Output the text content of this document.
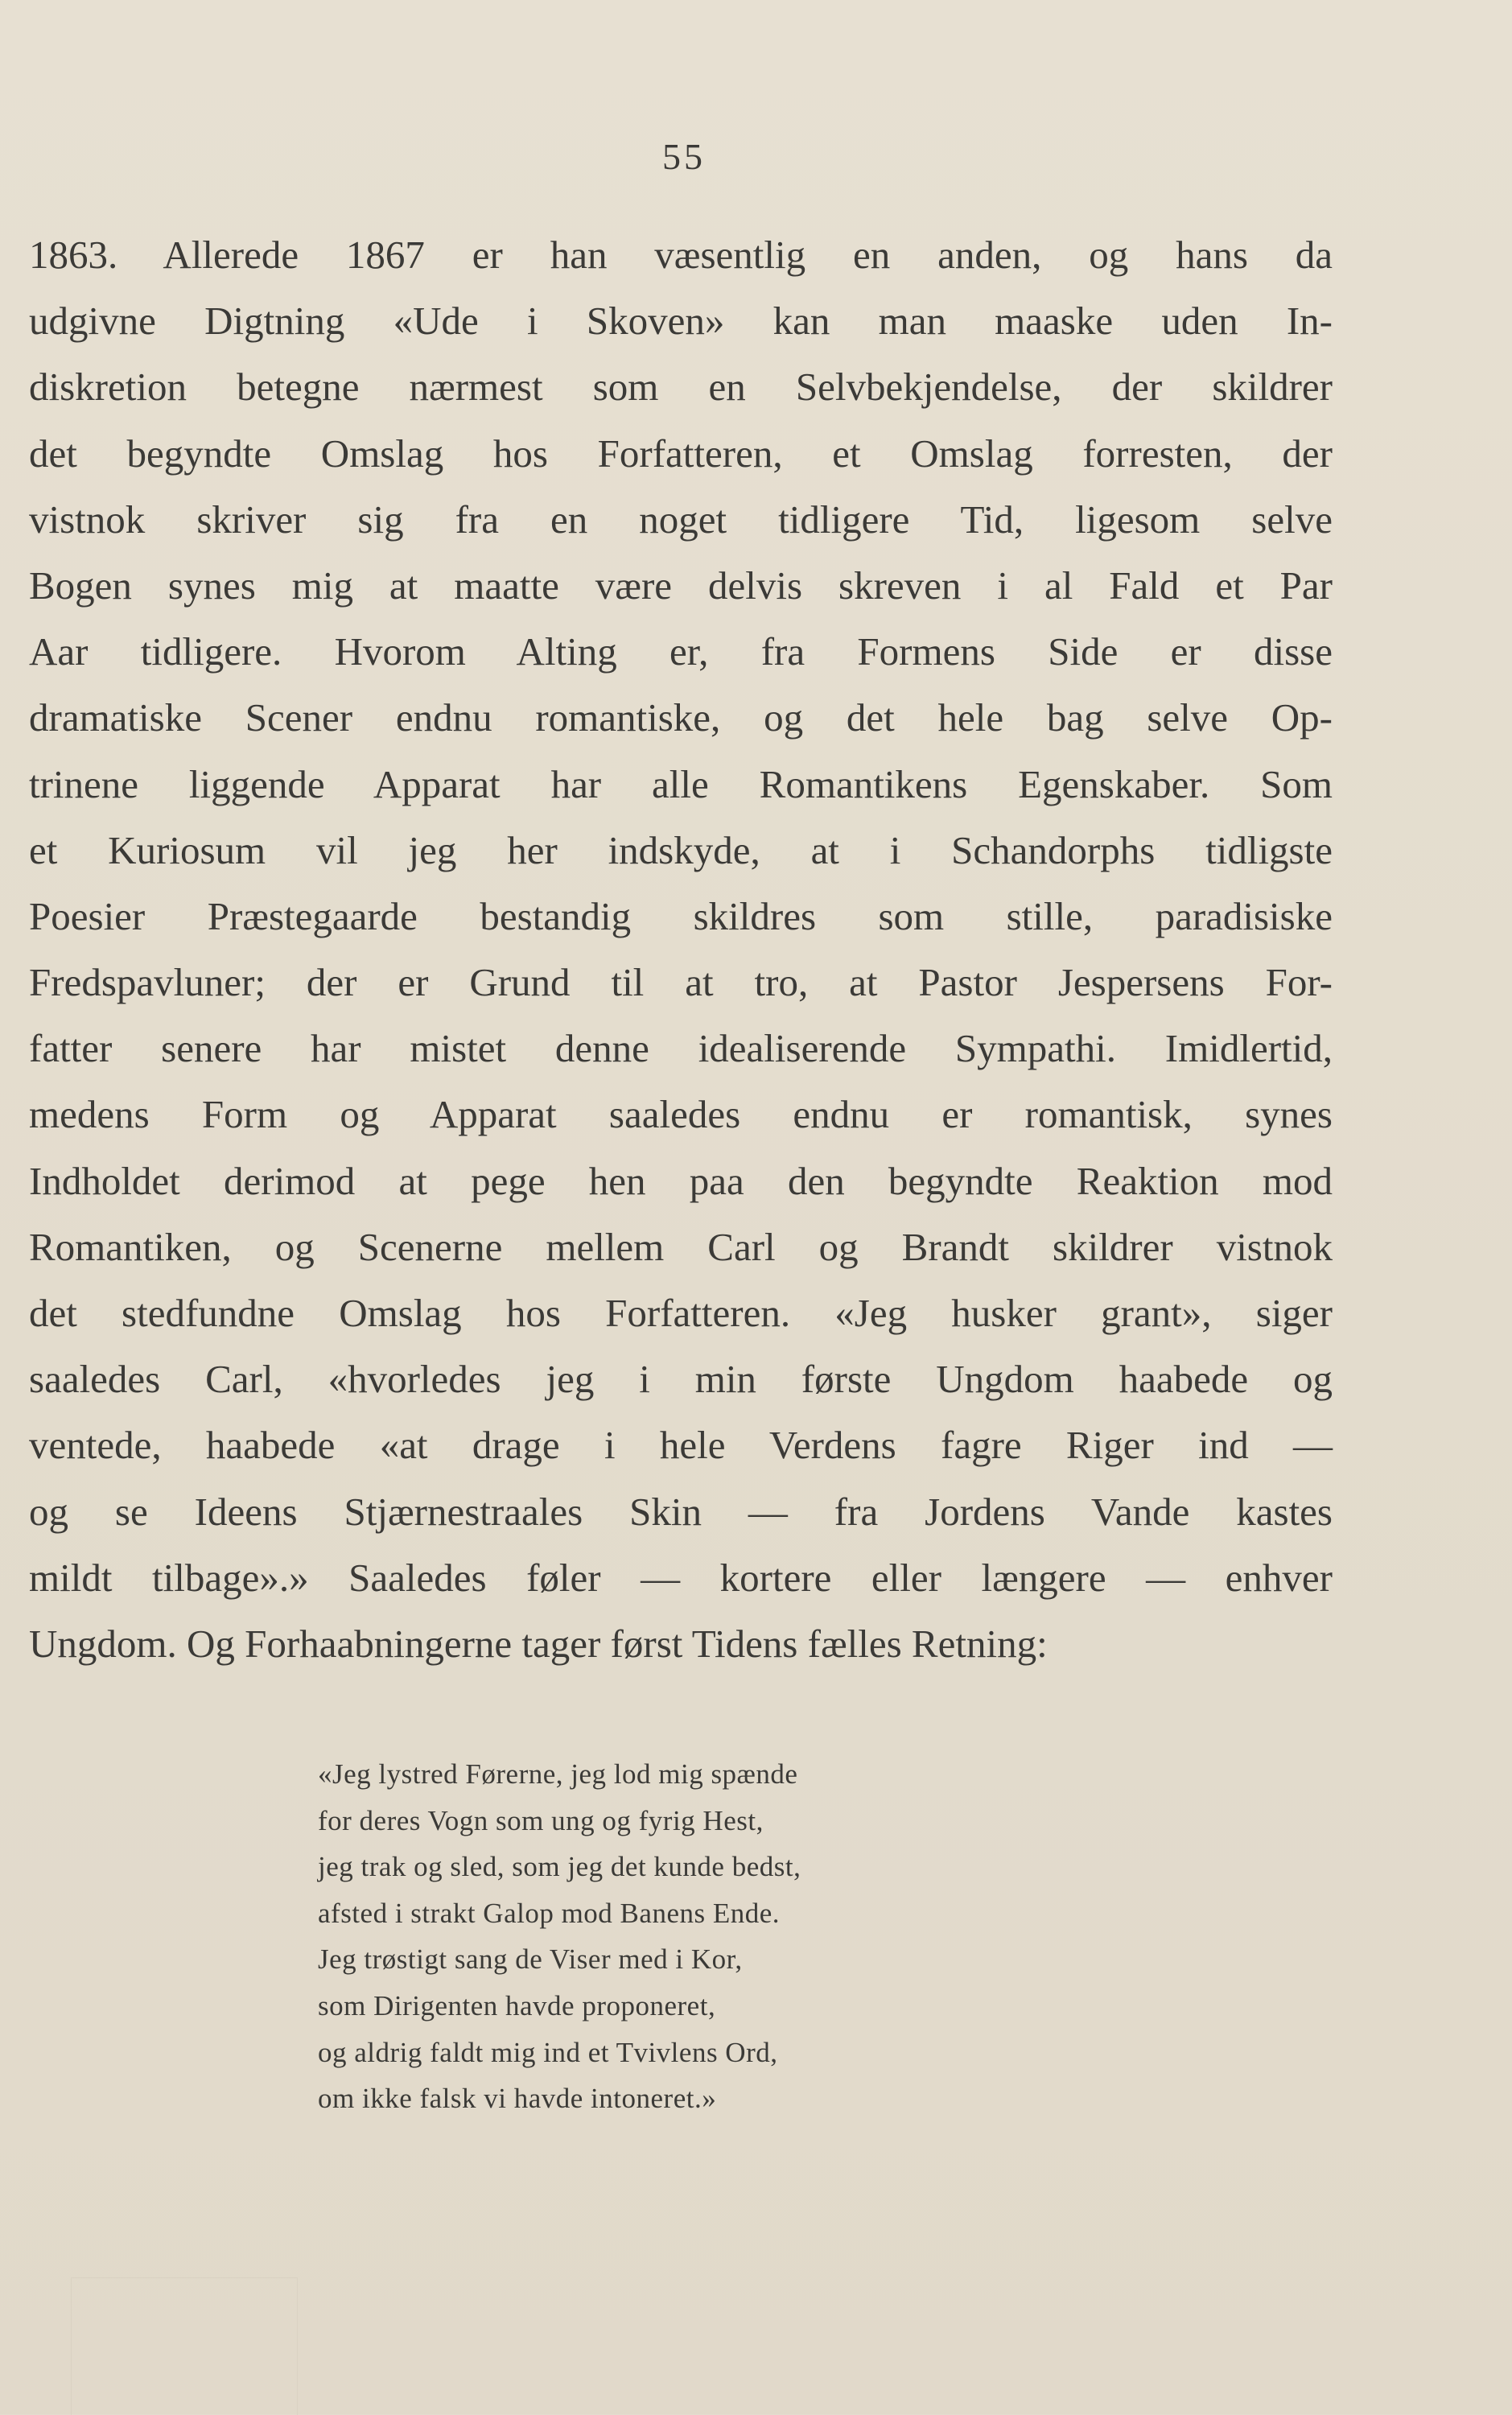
55
1863. Allerede 1867 er han væsentlig en anden, og hans da
udgivne Digtning «Ude i Skoven» kan man maaske uden In-
diskretion betegne nærmest som en Selvbekjendelse, der skildrer
det begyndte Omslag hos Forfatteren, et Omslag forresten, der
vistnok skriver sig fra en noget tidligere Tid, ligesom selve
Bogen synes mig at maatte være delvis skreven i al Fald et Par
Aar tidligere. Hvorom Alting er, fra Formens Side er disse
dramatiske Scener endnu romantiske, og det hele bag selve Op-
trinene liggende Apparat har alle Romantikens Egenskaber. Som
et Kuriosum vil jeg her indskyde, at i Schandorphs tidligste
Poesier Præstegaarde bestandig skildres som stille, paradisiske
Fredspavluner; der er Grund til at tro, at Pastor Jespersens For-
fatter senere har mistet denne idealiserende Sympathi. Imidlertid,
medens Form og Apparat saaledes endnu er romantisk, synes
Indholdet derimod at pege hen paa den begyndte Reaktion mod
Romantiken, og Scenerne mellem Carl og Brandt skildrer vistnok
det stedfundne Omslag hos Forfatteren. «Jeg husker grant», siger
saaledes Carl, «hvorledes jeg i min første Ungdom haabede og
ventede, haabede «at drage i hele Verdens fagre Riger ind —
og se Ideens Stjærnestraales Skin — fra Jordens Vande kastes
mildt tilbage».» Saaledes føler — kortere eller længere — enhver
Ungdom. Og Forhaabningerne tager først Tidens fælles Retning:
«Jeg lystred Førerne, jeg lod mig spænde
for deres Vogn som ung og fyrig Hest,
jeg trak og sled, som jeg det kunde bedst,
afsted i strakt Galop mod Banens Ende.
Jeg trøstigt sang de Viser med i Kor,
som Dirigenten havde proponeret,
og aldrig faldt mig ind et Tvivlens Ord,
om ikke falsk vi havde intoneret.»
